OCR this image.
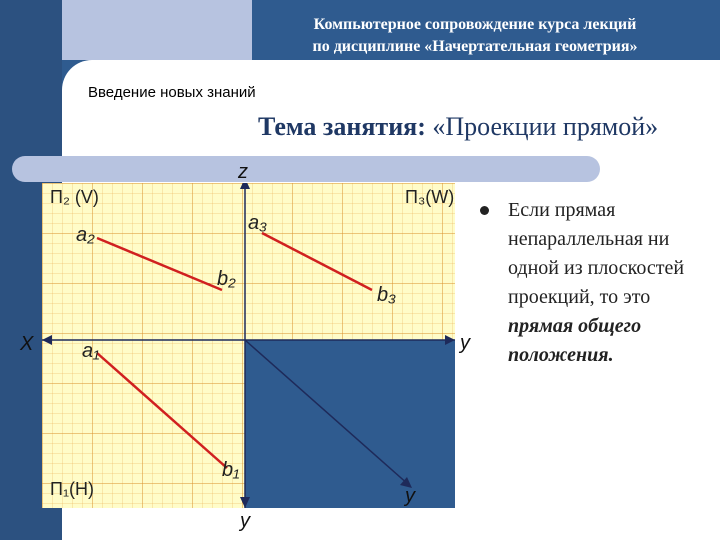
Компьютерное сопровождение курса лекций
по дисциплине «Начертательная геометрия»
Введение новых знаний
Тема занятия: «Проекции прямой»
П₂ (V)	П₃(W)
П₁(H)
a₂
b₂
a₃
b₃
a₁
b₁
z
X	y
y
y
Если прямая непараллельная ни одной из плоскостей проекций, то это прямая общего положения.
